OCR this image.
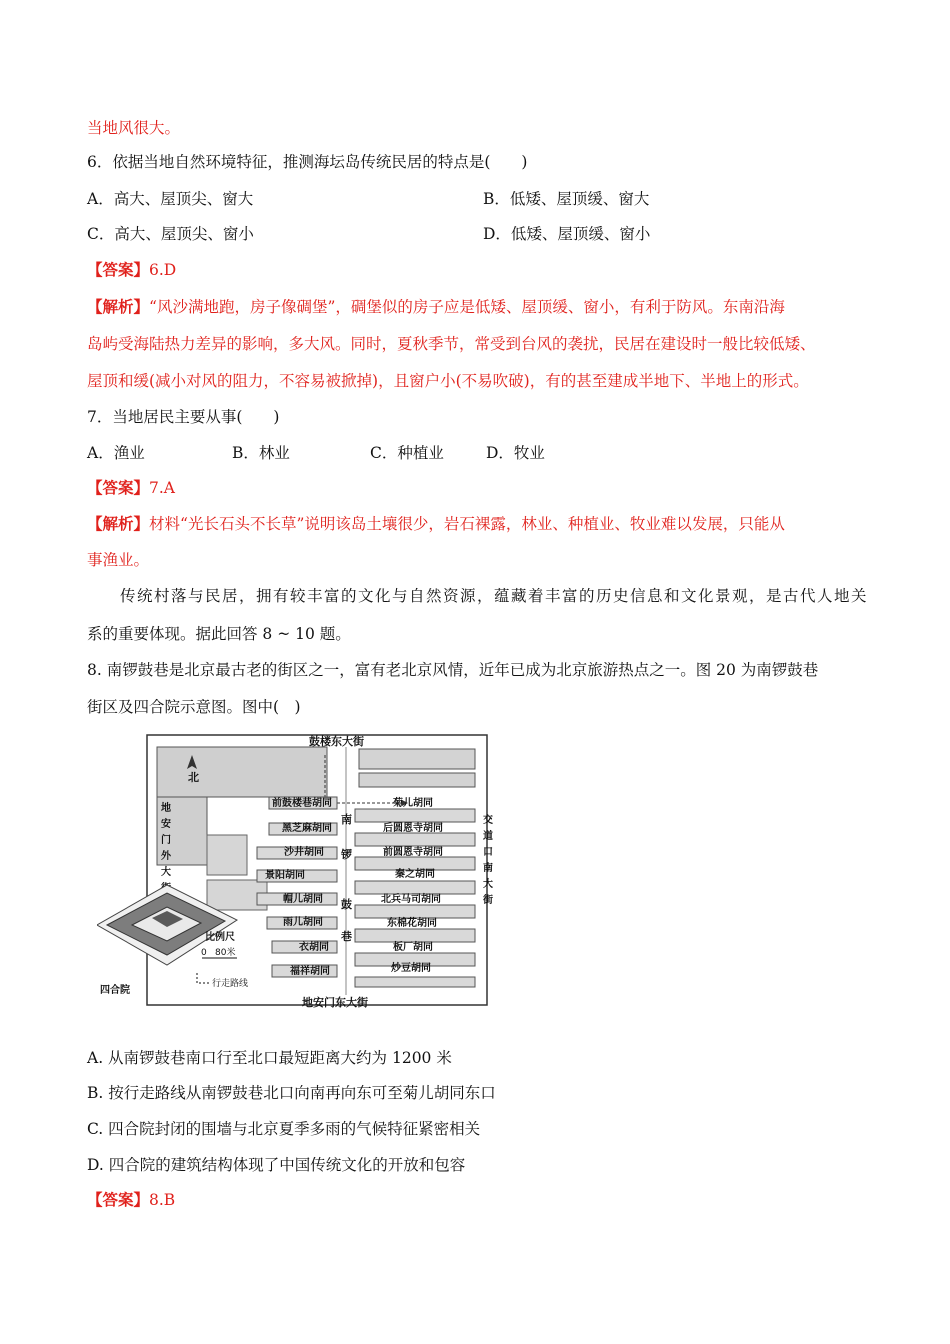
当地风很大。
6．依据当地自然环境特征，推测海坛岛传统民居的特点是(　　)
A．高大、屋顶尖、窗大	B．低矮、屋顶缓、窗大
C．高大、屋顶尖、窗小	D．低矮、屋顶缓、窗小
【答案】6.D
【解析】“风沙满地跑，房子像碉堡”，碉堡似的房子应是低矮、屋顶缓、窗小，有利于防风。东南沿海
岛屿受海陆热力差异的影响，多大风。同时，夏秋季节，常受到台风的袭扰，民居在建设时一般比较低矮、
屋顶和缓(减小对风的阻力，不容易被掀掉)，且窗户小(不易吹破)，有的甚至建成半地下、半地上的形式。
7．当地居民主要从事(　　)
A．渔业	B．林业	C．种植业	D．牧业
【答案】7.A
【解析】材料“光长石头不长草”说明该岛土壤很少，岩石裸露，林业、种植业、牧业难以发展，只能从
事渔业。
传统村落与民居，拥有较丰富的文化与自然资源，蕴藏着丰富的历史信息和文化景观，是古代人地关
系的重要体现。据此回答 8 ~ 10 题。
8. 南锣鼓巷是北京最古老的街区之一，富有老北京风情，近年已成为北京旅游热点之一。图 20 为南锣鼓巷
街区及四合院示意图。图中(　)
北
鼓楼东大街
地安门东大街
地
安
门
外
大
交
道
口
南
大
街
南
锣
鼓
巷
前鼓楼巷胡同
黑芝麻胡同
沙井胡同
景阳胡同
帽儿胡同
雨儿胡同
衣胡同
福祥胡同
菊儿胡同
后圆恩寺胡同
前圆恩寺胡同
秦之胡同
北兵马司胡同
东棉花胡同
板厂胡同
炒豆胡同
四合院
比例尺
0 80米
行走路线
A. 从南锣鼓巷南口行至北口最短距离大约为 1200 米
B. 按行走路线从南锣鼓巷北口向南再向东可至菊儿胡同东口
C. 四合院封闭的围墙与北京夏季多雨的气候特征紧密相关
D. 四合院的建筑结构体现了中国传统文化的开放和包容
【答案】8.B
